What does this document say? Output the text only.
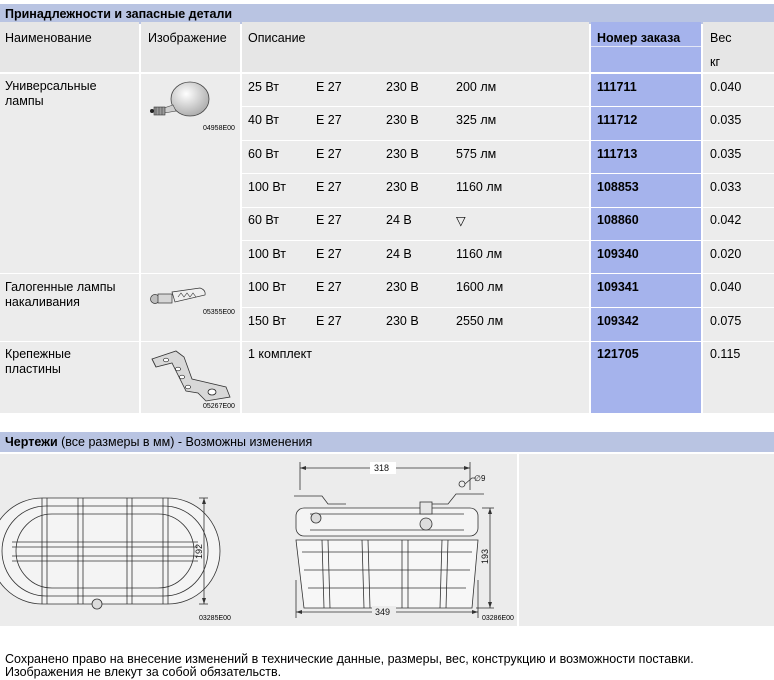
Принадлежности и запасные детали
Наименование	Изображение Описание	Номер заказа Вес
кг
Универсальные
лампы
Галогенные лампы
накаливания
Крепежные
пластины
04958E00
05355E00
05267E00
25 Вт	E 27	230 В	200 лм	111711	0.040
40 Вт	E 27	230 В	325 лм	111712	0.035
60 Вт	E 27	230 В	575 лм	111713	0.035
100 Вт E 27	230 В	1160 лм	108853	0.033
60 Вт	E 27	24 В	▽	108860	0.042
100 Вт E 27	24 В	1160 лм	109340	0.020
100 Вт E 27	230 В	1600 лм	109341	0.040
150 Вт E 27	230 В	2550 лм	109342	0.075
1 комплект	121705	0.115
Чертежи (все размеры в мм) - Возможны изменения
192
03285E00
318
∅9
193
349
03286E00
Сохранено право на внесение изменений в технические данные, размеры, вес, конструкцию и возможности поставки.
Изображения не влекут за собой обязательств.
